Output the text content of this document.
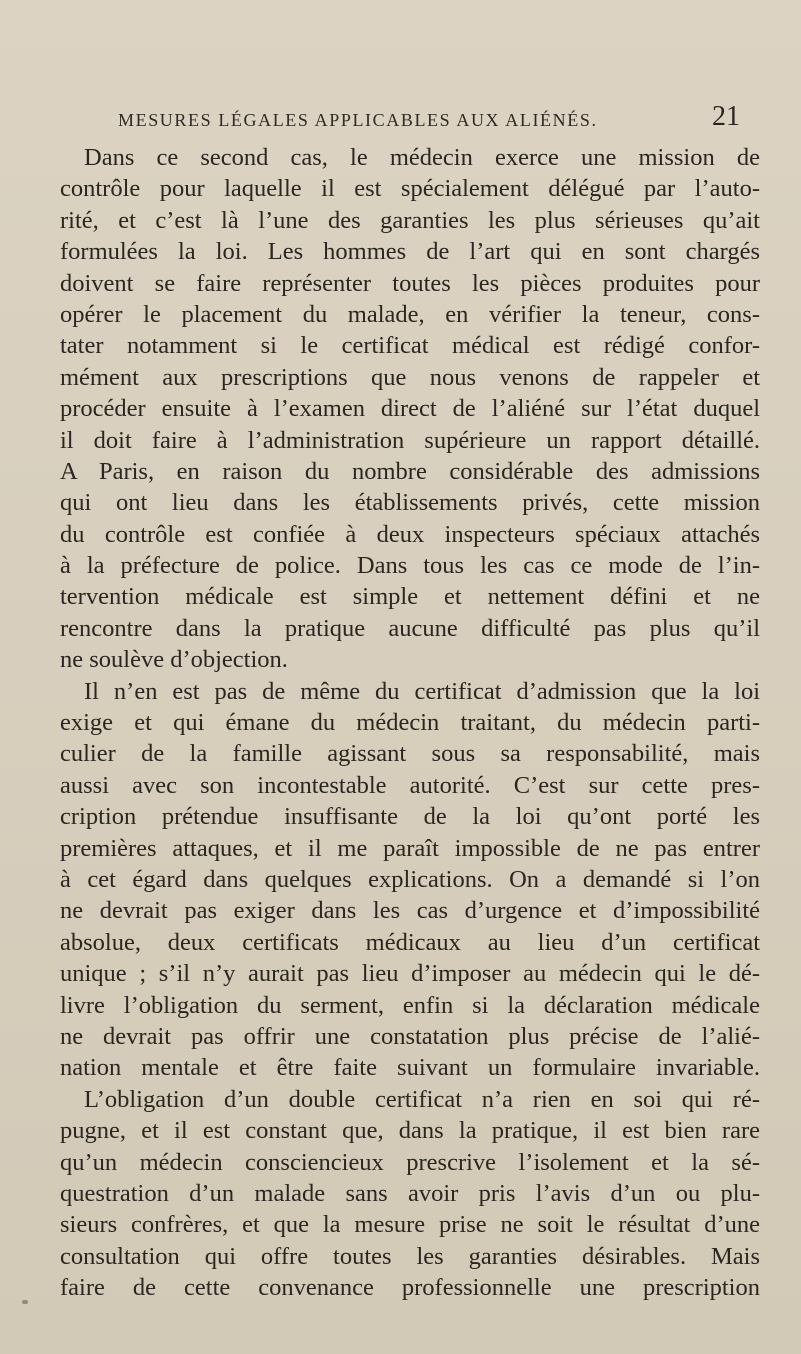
MESURES LÉGALES APPLICABLES AUX ALIÉNÉS.	21
Dans ce second cas, le médecin exerce une mission de
contrôle pour laquelle il est spécialement délégué par l’auto-
rité, et c’est là l’une des garanties les plus sérieuses qu’ait
formulées la loi. Les hommes de l’art qui en sont chargés
doivent se faire représenter toutes les pièces produites pour
opérer le placement du malade, en vérifier la teneur, cons-
tater notamment si le certificat médical est rédigé confor-
mément aux prescriptions que nous venons de rappeler et
procéder ensuite à l’examen direct de l’aliéné sur l’état duquel
il doit faire à l’administration supérieure un rapport détaillé.
A Paris, en raison du nombre considérable des admissions
qui ont lieu dans les établissements privés, cette mission
du contrôle est confiée à deux inspecteurs spéciaux attachés
à la préfecture de police. Dans tous les cas ce mode de l’in-
tervention médicale est simple et nettement défini et ne
rencontre dans la pratique aucune difficulté pas plus qu’il
ne soulève d’objection.
Il n’en est pas de même du certificat d’admission que la loi
exige et qui émane du médecin traitant, du médecin parti-
culier de la famille agissant sous sa responsabilité, mais
aussi avec son incontestable autorité. C’est sur cette pres-
cription prétendue insuffisante de la loi qu’ont porté les
premières attaques, et il me paraît impossible de ne pas entrer
à cet égard dans quelques explications. On a demandé si l’on
ne devrait pas exiger dans les cas d’urgence et d’impossibilité
absolue, deux certificats médicaux au lieu d’un certificat
unique ; s’il n’y aurait pas lieu d’imposer au médecin qui le dé-
livre l’obligation du serment, enfin si la déclaration médicale
ne devrait pas offrir une constatation plus précise de l’alié-
nation mentale et être faite suivant un formulaire invariable.
L’obligation d’un double certificat n’a rien en soi qui ré-
pugne, et il est constant que, dans la pratique, il est bien rare
qu’un médecin consciencieux prescrive l’isolement et la sé-
questration d’un malade sans avoir pris l’avis d’un ou plu-
sieurs confrères, et que la mesure prise ne soit le résultat d’une
consultation qui offre toutes les garanties désirables. Mais
faire de cette convenance professionnelle une prescription
